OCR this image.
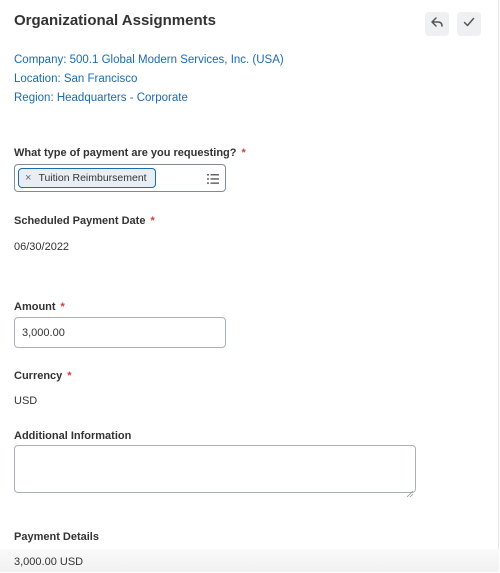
Organizational Assignments
Company: 500.1 Global Modern Services, Inc. (USA)
Location: San Francisco
Region: Headquarters - Corporate
What type of payment are you requesting? *
× Tuition Reimbursement
Scheduled Payment Date *
06/30/2022
Amount *
3,000.00
Currency *
USD
Additional Information
Payment Details
3,000.00 USD
